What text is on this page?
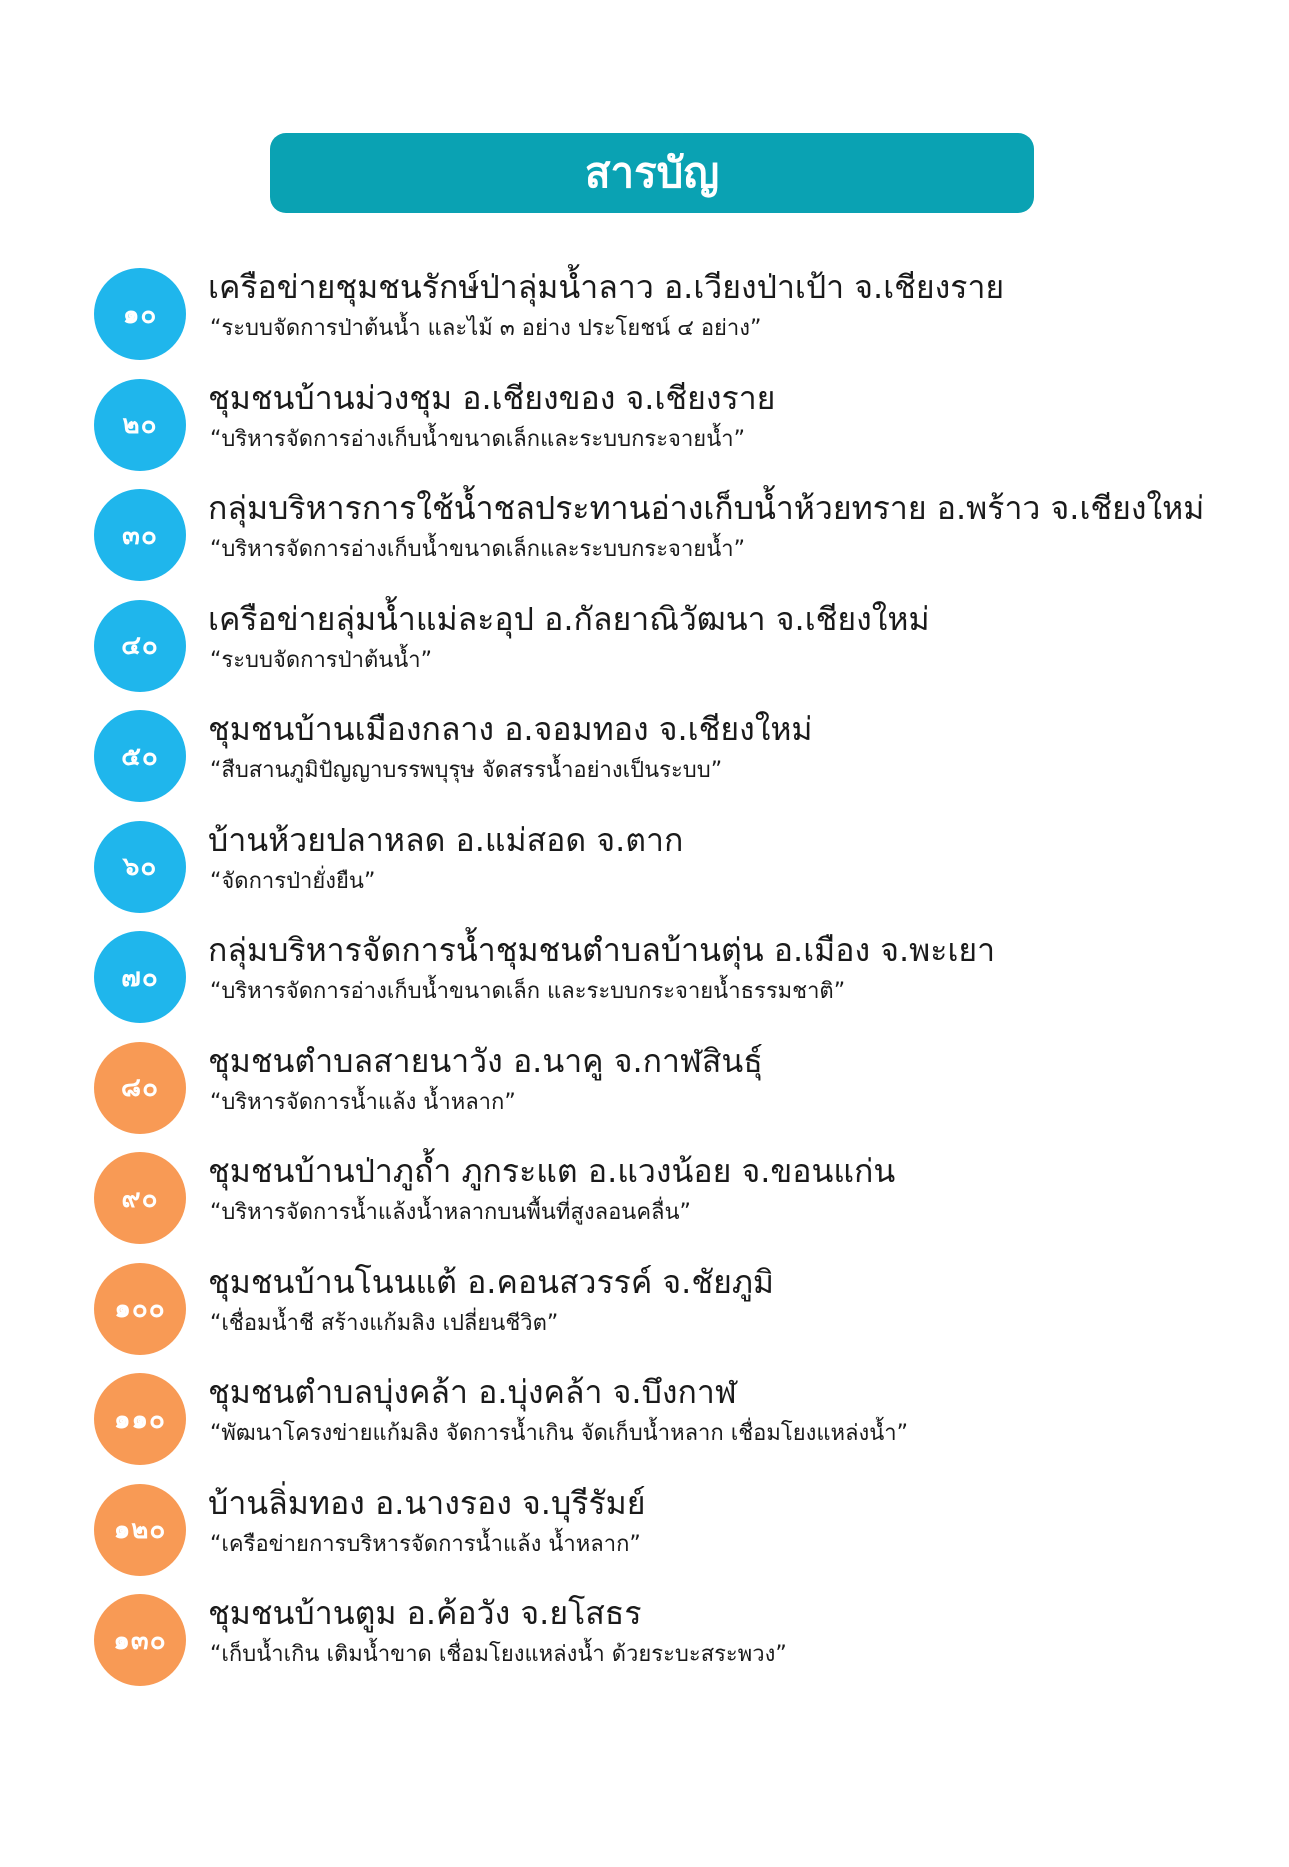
สารบัญ
๑๐
เครือข่ายชุมชนรักษ์ป่าลุ่มน้ำลาว อ.เวียงป่าเป้า จ.เชียงราย
“ระบบจัดการป่าต้นน้ำ และไม้ ๓ อย่าง ประโยชน์ ๔ อย่าง”
๒๐
ชุมชนบ้านม่วงชุม อ.เชียงของ จ.เชียงราย
“บริหารจัดการอ่างเก็บน้ำขนาดเล็กและระบบกระจายน้ำ”
๓๐
กลุ่มบริหารการใช้น้ำชลประทานอ่างเก็บน้ำห้วยทราย อ.พร้าว จ.เชียงใหม่
“บริหารจัดการอ่างเก็บน้ำขนาดเล็กและระบบกระจายน้ำ”
๔๐
เครือข่ายลุ่มน้ำแม่ละอุป อ.กัลยาณิวัฒนา จ.เชียงใหม่
“ระบบจัดการป่าต้นน้ำ”
๕๐
ชุมชนบ้านเมืองกลาง อ.จอมทอง จ.เชียงใหม่
“สืบสานภูมิปัญญาบรรพบุรุษ จัดสรรน้ำอย่างเป็นระบบ”
๖๐
บ้านห้วยปลาหลด อ.แม่สอด จ.ตาก
“จัดการป่ายั่งยืน”
๗๐
กลุ่มบริหารจัดการน้ำชุมชนตำบลบ้านตุ่น อ.เมือง จ.พะเยา
“บริหารจัดการอ่างเก็บน้ำขนาดเล็ก และระบบกระจายน้ำธรรมชาติ”
๘๐
ชุมชนตำบลสายนาวัง อ.นาคู จ.กาฬสินธุ์
“บริหารจัดการน้ำแล้ง น้ำหลาก”
๙๐
ชุมชนบ้านป่าภูถ้ำ ภูกระแต อ.แวงน้อย จ.ขอนแก่น
“บริหารจัดการน้ำแล้งน้ำหลากบนพื้นที่สูงลอนคลื่น”
๑๐๐
ชุมชนบ้านโนนแต้ อ.คอนสวรรค์ จ.ชัยภูมิ
“เชื่อมน้ำชี สร้างแก้มลิง เปลี่ยนชีวิต”
๑๑๐
ชุมชนตำบลบุ่งคล้า อ.บุ่งคล้า จ.บึงกาฬ
“พัฒนาโครงข่ายแก้มลิง จัดการน้ำเกิน จัดเก็บน้ำหลาก เชื่อมโยงแหล่งน้ำ”
๑๒๐
บ้านลิ่มทอง อ.นางรอง จ.บุรีรัมย์
“เครือข่ายการบริหารจัดการน้ำแล้ง น้ำหลาก”
๑๓๐
ชุมชนบ้านตูม อ.ค้อวัง จ.ยโสธร
“เก็บน้ำเกิน เติมน้ำขาด เชื่อมโยงแหล่งน้ำ ด้วยระบะสระพวง”
